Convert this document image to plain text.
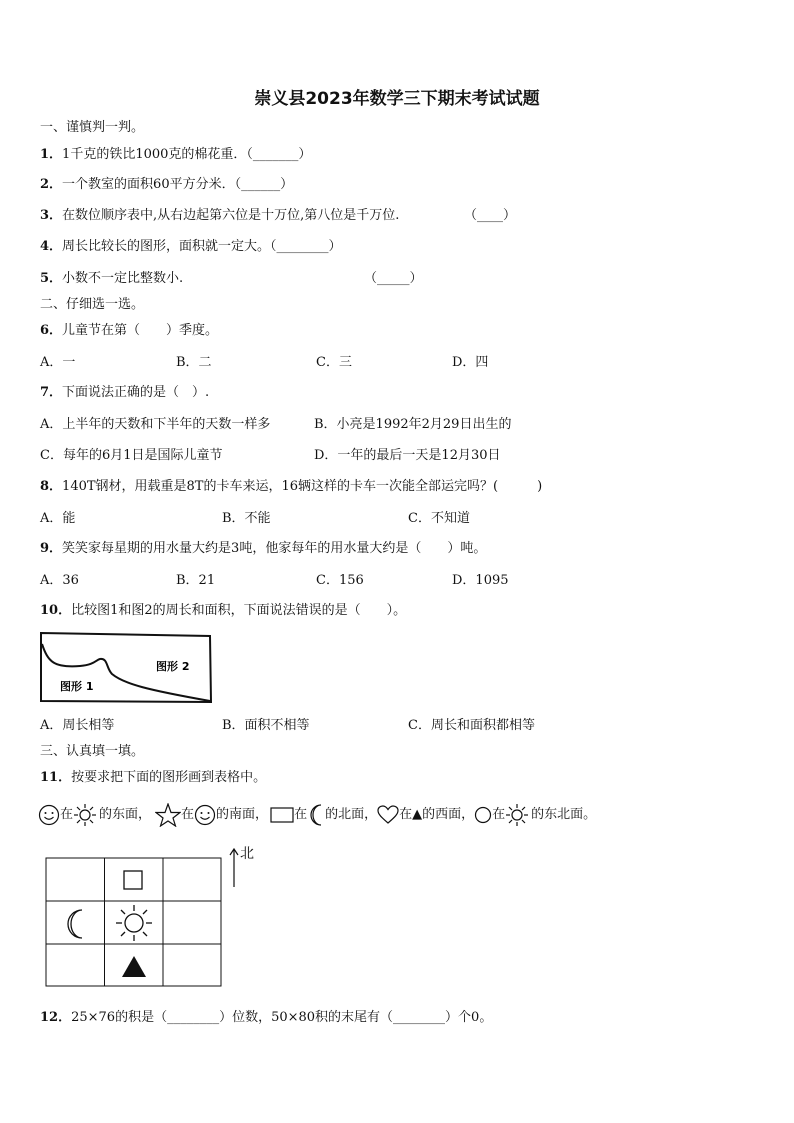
崇义县2023年数学三下期末考试试题
一、谨慎判一判。
1．1千克的铁比1000克的棉花重．（_______）
2．一个教室的面积60平方分米．（______）
3．在数位顺序表中,从右边起第六位是十万位,第八位是千万位.	（____）
4．周长比较长的图形，面积就一定大。（________）
5．小数不一定比整数小.	（_____）
二、仔细选一选。
6．儿童节在第（　　）季度。
A．一	B．二	C．三	D．四
7．下面说法正确的是（　）.
A．上半年的天数和下半年的天数一样多	B．小亮是1992年2月29日出生的
C．每年的6月1日是国际儿童节	D．一年的最后一天是12月30日
8．140T钢材，用载重是8T的卡车来运，16辆这样的卡车一次能全部运完吗？(　　　)
A．能	B．不能	C．不知道
9．笑笑家每星期的用水量大约是3吨，他家每年的用水量大约是（　　）吨。
A．36	B．21	C．156	D．1095
10．比较图1和图2的周长和面积，下面说法错误的是（　　）。
图形 2
图形 1
A．周长相等	B．面积不相等	C．周长和面积都相等
三、认真填一填。
11．按要求把下面的图形画到表格中。
在 的东面， 在 的南面， 在 的北面， 在▲的西面， 在 的东北面。
北
12．25×76的积是（________）位数，50×80积的末尾有（________）个0。
